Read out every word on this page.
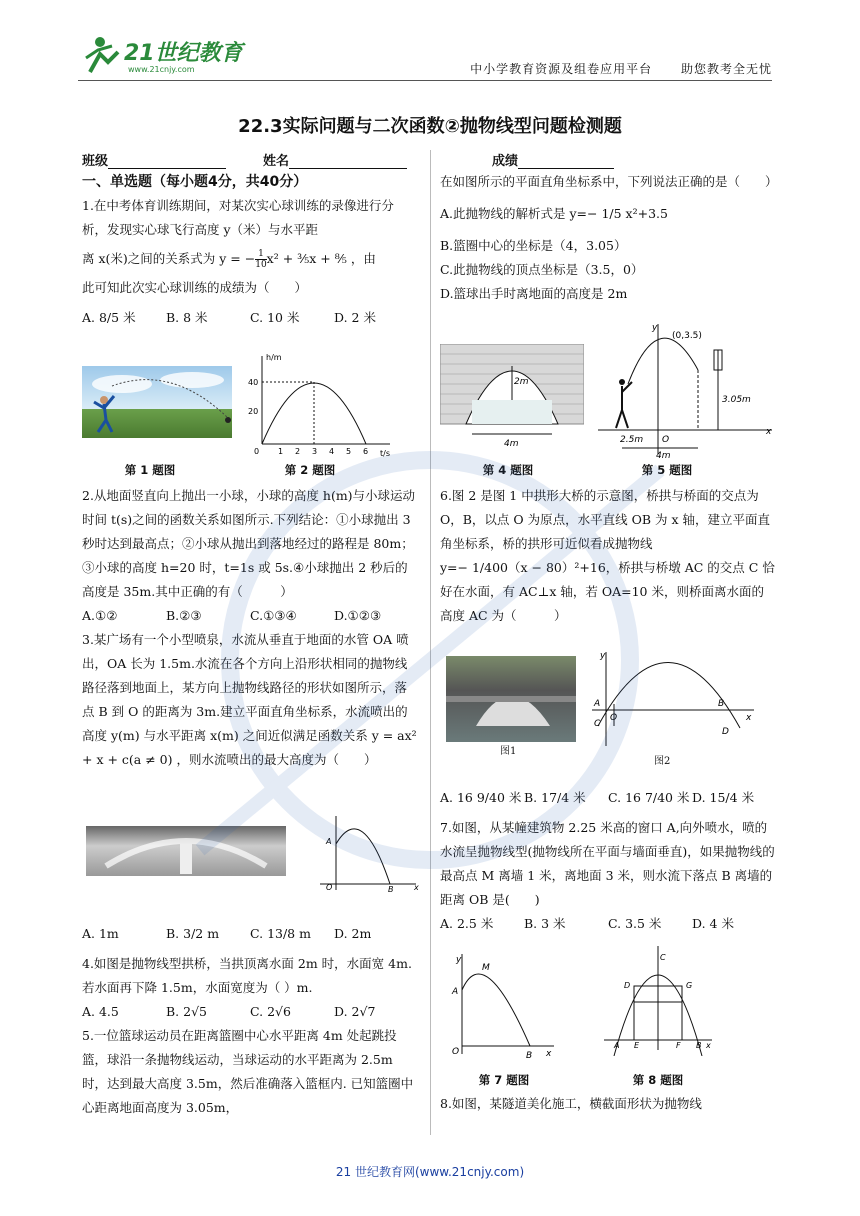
21世纪教育
www.21cnjy.com	中小学教育资源及组卷应用平台      助您教考全无忧
22.3实际问题与二次函数②抛物线型问题检测题
班级	姓名	成绩

一、单选题（每小题4分，共40分）

1.在中考体育训练期间，对某次实心球训练的录像进行分析，发现实心球飞行高度 y（米）与水平距

离 x(米)之间的关系式为 y = − 1
10x² + ³⁄₅x + ⁸⁄₅ ，由

此可知此次实心球训练的成绩为（　　）

A. 8/5 米	B. 8 米	C. 10 米	D. 2 米
第 1 题图
h/m
40
20
0 1 2 3 4 5 6 t/s
第 2 题图

2.从地面竖直向上抛出一小球，小球的高度 h(m)与小球运动时间 t(s)之间的函数关系如图所示.下列结论：①小球抛出 3 秒时达到最高点；②小球从抛出到落地经过的路程是 80m；③小球的高度 h=20 时，t=1s 或 5s.④小球抛出 2 秒后的高度是 35m.其中正确的有（　　　）

A.①②	B.②③	C.①③④	D.①②③

3.某广场有一个小型喷泉，水流从垂直于地面的水管 OA 喷出，OA 长为 1.5m.水流在各个方向上沿形状相同的抛物线路径落到地面上，某方向上抛物线路径的形状如图所示，落点 B 到 O 的距离为 3m.建立平面直角坐标系，水流喷出的高度 y(m) 与水平距离 x(m) 之间近似满足函数关系 y = ax² + x + c(a ≠ 0) ，则水流喷出的最大高度为（　　）

A
O	B	x
A. 1m	B. 3/2 m	C. 13/8 m	D. 2m

4.如图是抛物线型拱桥，当拱顶离水面 2m 时，水面宽 4m.若水面再下降 1.5m，水面宽度为（ ）m.

A. 4.5	B. 2√5	C. 2√6	D. 2√7

5.一位篮球运动员在距离篮圈中心水平距离 4m 处起跳投篮，球沿一条抛物线运动，当球运动的水平距离为 2.5m 时，达到最大高度 3.5m，然后准确落入篮框内. 已知篮圈中心距离地面高度为 3.05m，

在如图所示的平面直角坐标系中，下列说法正确的是（　　）

A.此抛物线的解析式是 y=− 1/5 x²+3.5

B.篮圈中心的坐标是（4，3.05）

C.此抛物线的顶点坐标是（3.5，0）

D.篮球出手时离地面的高度是 2m

2m
4m
第 4 题图
y
(0,3.5)
3.05m
2.5m O
x
4m
第 5 题图

6.图 2 是图 1 中拱形大桥的示意图，桥拱与桥面的交点为 O，B，以点 O 为原点，水平直线 OB 为 x 轴，建立平面直角坐标系，桥的拱形可近似看成抛物线

y=− 1/400（x − 80）²+16，桥拱与桥墩 AC 的交点 C 恰好在水面，有 AC⊥x 轴，若 OA=10 米，则桥面离水面的高度 AC 为（　　　）

图1
A
C
O
B
D
x
y
图2
A. 16 9/40 米 B. 17/4 米	C. 16 7/40 米 D. 15/4 米

7.如图，从某幢建筑物 2.25 米高的窗口 A,向外喷水，喷的水流呈抛物线型(抛物线所在平面与墙面垂直)，如果抛物线的最高点 M 离墙 1 米，离地面 3 米，则水流下落点 B 离墙的距离 OB 是(　　)

A. 2.5 米	B. 3 米	C. 3.5 米	D. 4 米
y
A
M
O	B x
第 7 题图
D	G
C
A E	F B x
第 8 题图

8.如图，某隧道美化施工，横截面形状为抛物线

21 世纪教育网(www.21cnjy.com)
